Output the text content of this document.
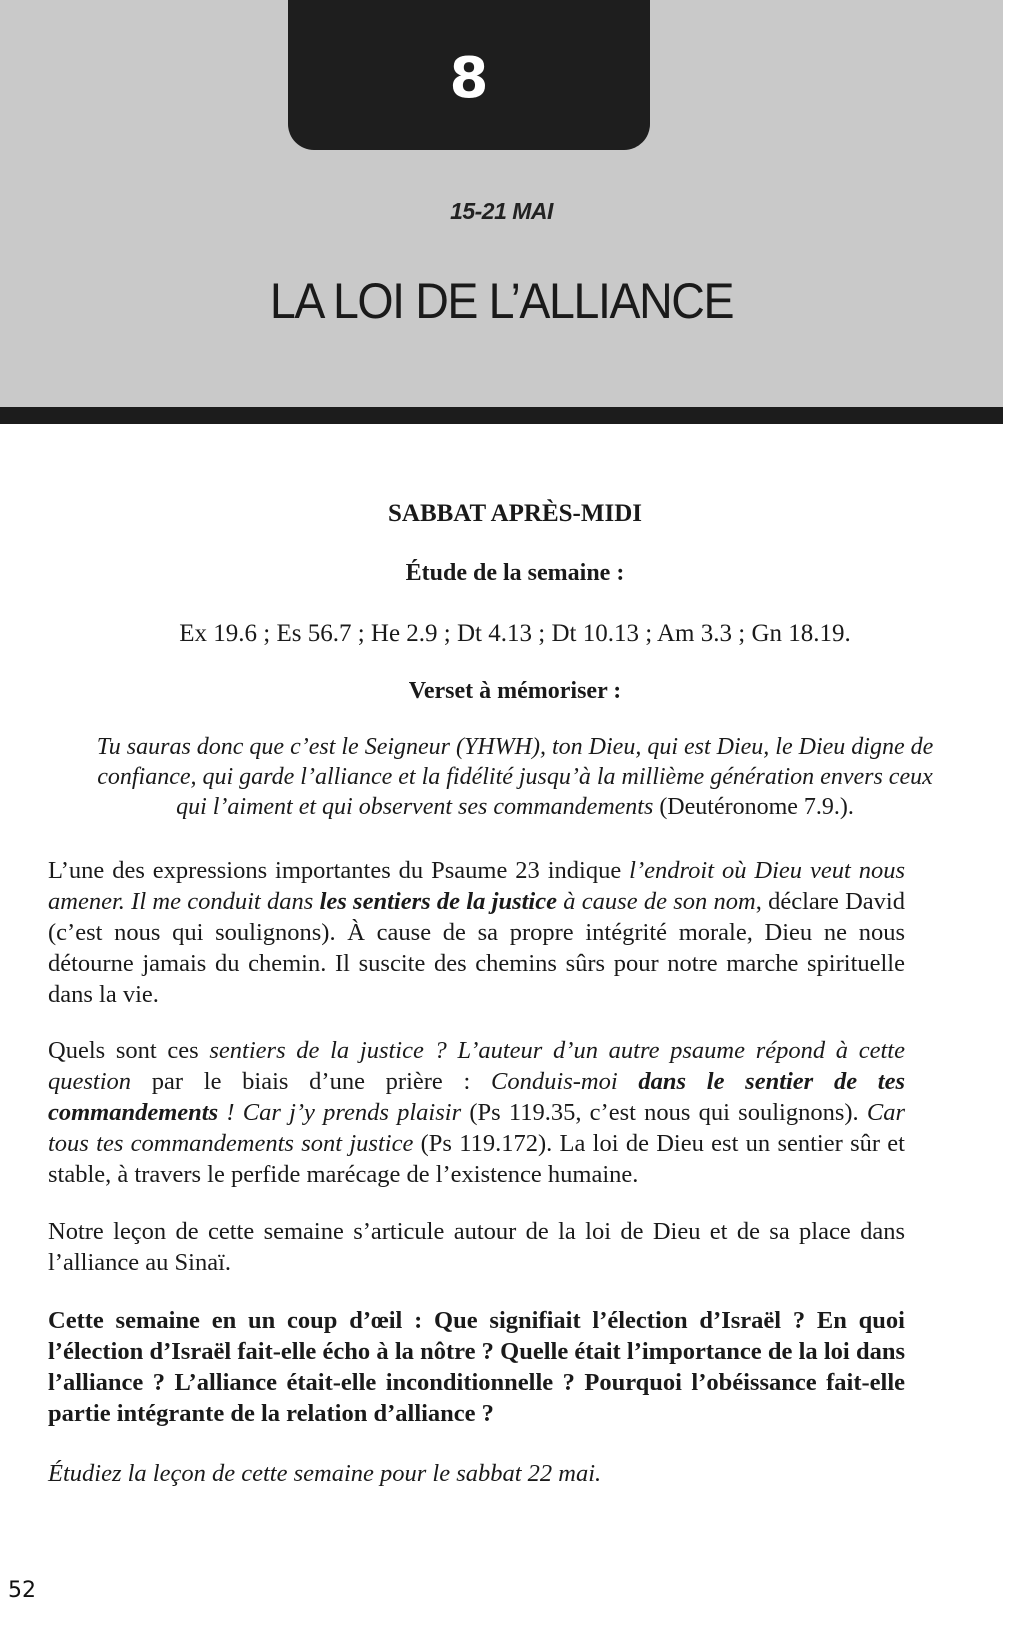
8
15-21 MAI
LA LOI DE L’ALLIANCE
SABBAT APRÈS-MIDI
Étude de la semaine :
Ex 19.6 ; Es 56.7 ; He 2.9 ; Dt 4.13 ; Dt 10.13 ; Am 3.3 ; Gn 18.19.
Verset à mémoriser :
Tu sauras donc que c’est le Seigneur (YHWH), ton Dieu, qui est Dieu, le Dieu digne de confiance, qui garde l’alliance et la fidélité jusqu’à la millième génération envers ceux qui l’aiment et qui observent ses commandements (Deutéronome 7.9.).
L’une des expressions importantes du Psaume 23 indique l’endroit où Dieu veut nous amener. Il me conduit dans les sentiers de la justice à cause de son nom, déclare David (c’est nous qui soulignons). À cause de sa propre intégrité morale, Dieu ne nous détourne jamais du chemin. Il suscite des chemins sûrs pour notre marche spirituelle dans la vie.
Quels sont ces sentiers de la justice ? L’auteur d’un autre psaume répond à cette question par le biais d’une prière : Conduis-moi dans le sentier de tes commandements ! Car j’y prends plaisir (Ps 119.35, c’est nous qui soulignons). Car tous tes commandements sont justice (Ps 119.172). La loi de Dieu est un sentier sûr et stable, à travers le perfide marécage de l’existence humaine.
Notre leçon de cette semaine s’articule autour de la loi de Dieu et de sa place dans l’alliance au Sinaï.
Cette semaine en un coup d’œil : Que signifiait l’élection d’Israël ? En quoi l’élection d’Israël fait-elle écho à la nôtre ? Quelle était l’importance de la loi dans l’alliance ? L’alliance était-elle inconditionnelle ? Pourquoi l’obéissance fait-elle partie intégrante de la relation d’alliance ?
Étudiez la leçon de cette semaine pour le sabbat 22 mai.
52
